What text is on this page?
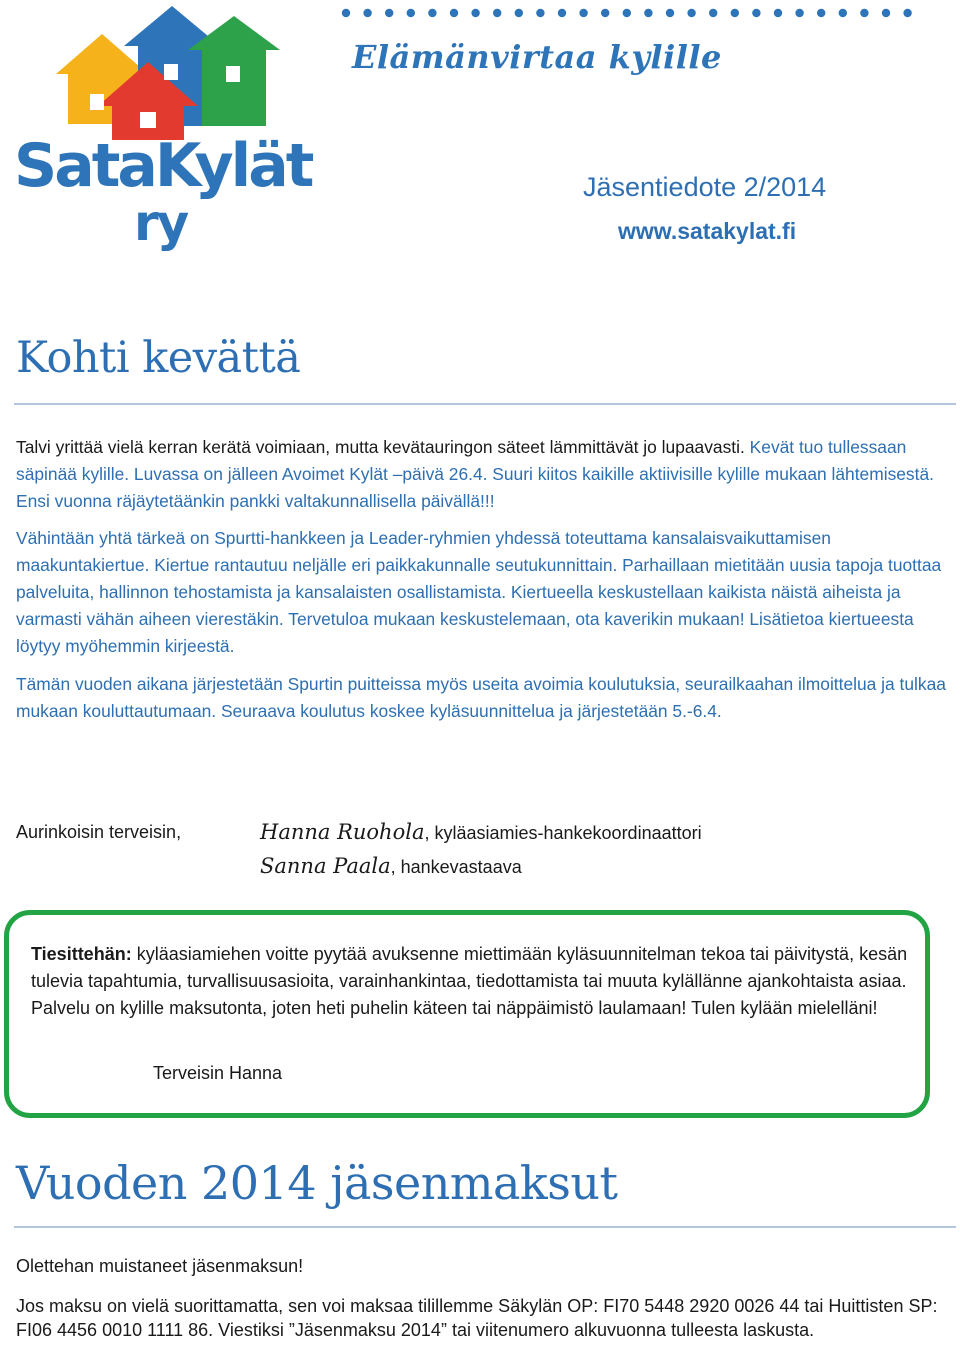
SataKylät
ry
Elämänvirtaa kylille
Jäsentiedote 2/2014
www.satakylat.fi
Kohti kevättä

Talvi yrittää vielä kerran kerätä voimiaan, mutta kevätauringon säteet lämmittävät jo lupaavasti. Kevät tuo tullessaan säpinää kylille. Luvassa on jälleen Avoimet Kylät –päivä 26.4. Suuri kiitos kaikille aktiivisille kylille mukaan lähtemisestä. Ensi vuonna räjäytetäänkin pankki valtakunnallisella päivällä!!!

Vähintään yhtä tärkeä on Spurtti-hankkeen ja Leader-ryhmien yhdessä toteuttama kansalaisvaikuttamisen maakuntakiertue. Kiertue rantautuu neljälle eri paikkakunnalle seutukunnittain. Parhaillaan mietitään uusia tapoja tuottaa palveluita, hallinnon tehostamista ja kansalaisten osallistamista. Kiertueella keskustellaan kaikista näistä aiheista ja varmasti vähän aiheen vierestäkin. Tervetuloa mukaan keskustelemaan, ota kaverikin mukaan! Lisätietoa kiertueesta löytyy myöhemmin kirjeestä.

Tämän vuoden aikana järjestetään Spurtin puitteissa myös useita avoimia koulutuksia, seurailkaahan ilmoittelua ja tulkaa mukaan kouluttautumaan. Seuraava koulutus koskee kyläsuunnittelua ja järjestetään 5.-6.4.

Aurinkoisin terveisin,	Hanna Ruohola, kyläasiamies-hankekoordinaattori
Sanna Paala, hankevastaava
Tiesittehän: kyläasiamiehen voitte pyytää avuksenne miettimään kyläsuunnitelman tekoa tai päivitystä, kesän tulevia tapahtumia, turvallisuusasioita, varainhankintaa, tiedottamista tai muuta kylällänne ajankohtaista asiaa. Palvelu on kylille maksutonta, joten heti puhelin käteen tai näppäimistö laulamaan! Tulen kylään mielelläni!
Terveisin Hanna
Vuoden 2014 jäsenmaksut
Olettehan muistaneet jäsenmaksun!
Jos maksu on vielä suorittamatta, sen voi maksaa tilillemme Säkylän OP: FI70 5448 2920 0026 44 tai Huittisten SP: FI06 4456 0010 1111 86. Viestiksi ”Jäsenmaksu 2014” tai viitenumero alkuvuonna tulleesta laskusta.
